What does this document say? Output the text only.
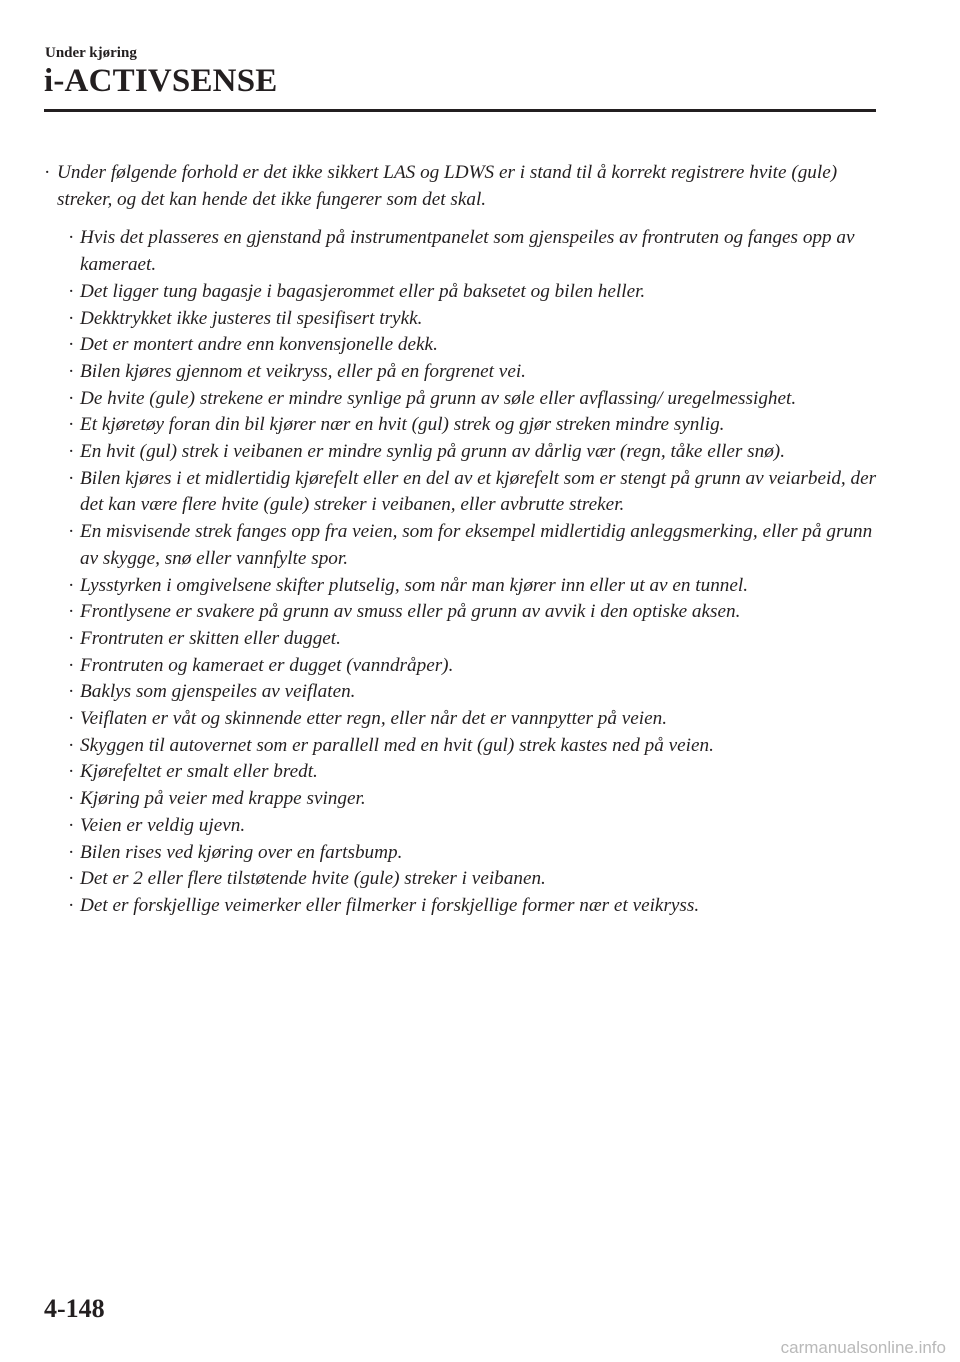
Under kjøring
i-ACTIVSENSE
· Under følgende forhold er det ikke sikkert LAS og LDWS er i stand til å korrekt registrere hvite (gule) streker, og det kan hende det ikke fungerer som det skal.
· Hvis det plasseres en gjenstand på instrumentpanelet som gjenspeiles av frontruten og fanges opp av kameraet.
· Det ligger tung bagasje i bagasjerommet eller på baksetet og bilen heller.
· Dekktrykket ikke justeres til spesifisert trykk.
· Det er montert andre enn konvensjonelle dekk.
· Bilen kjøres gjennom et veikryss, eller på en forgrenet vei.
· De hvite (gule) strekene er mindre synlige på grunn av søle eller avflassing/ uregelmessighet.
· Et kjøretøy foran din bil kjører nær en hvit (gul) strek og gjør streken mindre synlig.
· En hvit (gul) strek i veibanen er mindre synlig på grunn av dårlig vær (regn, tåke eller snø).
· Bilen kjøres i et midlertidig kjørefelt eller en del av et kjørefelt som er stengt på grunn av veiarbeid, der det kan være flere hvite (gule) streker i veibanen, eller avbrutte streker.
· En misvisende strek fanges opp fra veien, som for eksempel midlertidig anleggsmerking, eller på grunn av skygge, snø eller vannfylte spor.
· Lysstyrken i omgivelsene skifter plutselig, som når man kjører inn eller ut av en tunnel.
· Frontlysene er svakere på grunn av smuss eller på grunn av avvik i den optiske aksen.
· Frontruten er skitten eller dugget.
· Frontruten og kameraet er dugget (vanndråper).
· Baklys som gjenspeiles av veiflaten.
· Veiflaten er våt og skinnende etter regn, eller når det er vannpytter på veien.
· Skyggen til autovernet som er parallell med en hvit (gul) strek kastes ned på veien.
· Kjørefeltet er smalt eller bredt.
· Kjøring på veier med krappe svinger.
· Veien er veldig ujevn.
· Bilen rises ved kjøring over en fartsbump.
· Det er 2 eller flere tilstøtende hvite (gule) streker i veibanen.
· Det er forskjellige veimerker eller filmerker i forskjellige former nær et veikryss.
4-148
carmanualsonline.info
